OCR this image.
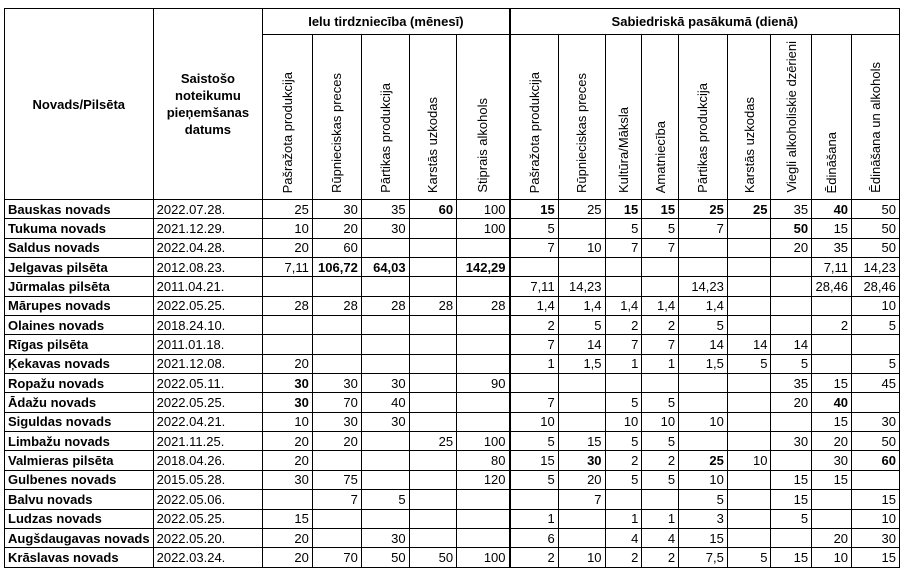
Novads/Pilsēta	Saistošo noteikumu pieņemšanas datums	Ielu tirdzniecība (mēnesī)					Sabiedriskā pasākumā (dienā)								
		Pašražota produkcija	Rūpnieciskas preces	Pārtikas produkcija	Karstās uzkodas	Stiprais alkohols	Pašražota produkcija	Rūpnieciskas preces	Kultūra/Māksla	Amatniecība	Pārtikas produkcija	Karstās uzkodas	Viegli alkoholiskie dzērieni	Ēdināšana	Ēdināšana un alkohols
Bauskas novads	2022.07.28.	25	30	35	60	100	15	25	15	15	25	25	35	40	50
Tukuma novads	2021.12.29.	10	20	30		100	5		5	5	7		50	15	50
Saldus novads	2022.04.28.	20	60				7	10	7	7			20	35	50
Jelgavas pilsēta	2012.08.23.	7,11	106,72	64,03		142,29								7,11	14,23
Jūrmalas pilsēta	2011.04.21.						7,11	14,23			14,23			28,46	28,46
Mārupes novads	2022.05.25.	28	28	28	28	28	1,4	1,4	1,4	1,4	1,4				10
Olaines novads	2018.24.10.						2	5	2	2	5			2	5
Rīgas pilsēta	2011.01.18.						7	14	7	7	14	14	14		
Ķekavas novads	2021.12.08.	20					1	1,5	1	1	1,5	5	5		5
Ropažu novads	2022.05.11.	30	30	30		90							35	15	45
Ādažu novads	2022.05.25.	30	70	40			7		5	5			20	40	
Siguldas novads	2022.04.21.	10	30	30			10		10	10	10			15	30
Limbažu novads	2021.11.25.	20	20		25	100	5	15	5	5			30	20	50
Valmieras pilsēta	2018.04.26.	20				80	15	30	2	2	25	10		30	60
Gulbenes novads	2015.05.28.	30	75			120	5	20	5	5	10		15	15	
Balvu novads	2022.05.06.		7	5				7			5		15		15
Ludzas novads	2022.05.25.	15					1		1	1	3		5		10
Augšdaugavas novads	2022.05.20.	20		30			6		4	4	15			20	30
Krāslavas novads	2022.03.24.	20	70	50	50	100	2	10	2	2	7,5	5	15	10	15
